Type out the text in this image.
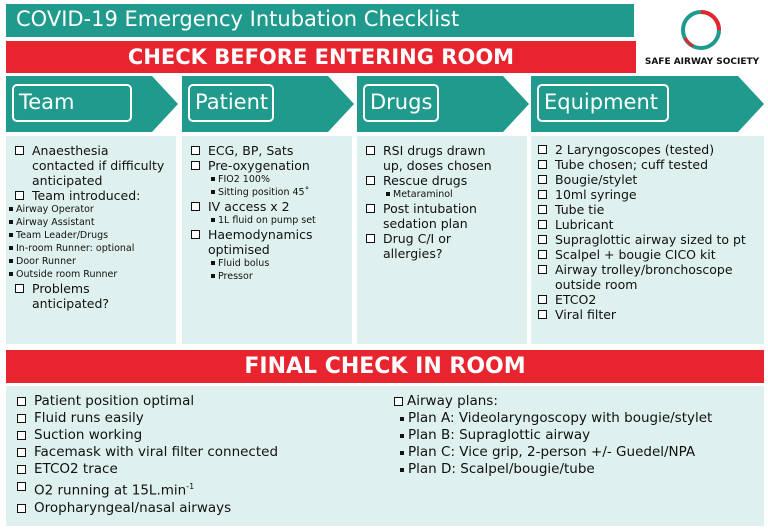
COVID-19 Emergency Intubation Checklist
SAFE AIRWAY SOCIETY
CHECK BEFORE ENTERING ROOM
Team	Patient	Drugs	Equipment
Anaesthesia
contacted if difficulty
anticipated
Team introduced:
Airway Operator
Airway Assistant
Team Leader/Drugs
In-room Runner: optional
Door Runner
Outside room Runner
Problems
anticipated?
ECG, BP, Sats
Pre-oxygenation
FIO2 100%
Sitting position 45˚
IV access x 2
1L fluid on pump set
Haemodynamics
optimised
Fluid bolus
Pressor
RSI drugs drawn
up, doses chosen
Rescue drugs
Metaraminol
Post intubation
sedation plan
Drug C/I or
allergies?
2 Laryngoscopes (tested)
Tube chosen; cuff tested
Bougie/stylet
10ml syringe
Tube tie
Lubricant
Supraglottic airway sized to pt
Scalpel + bougie CICO kit
Airway trolley/bronchoscope
outside room
ETCO2
Viral filter
FINAL CHECK IN ROOM
Patient position optimal
Fluid runs easily
Suction working
Facemask with viral filter connected
ETCO2 trace
O2 running at $15L.\min^{-1}$
Oropharyngeal/nasal airways
Airway plans:
Plan A: Videolaryngoscopy with bougie/stylet
Plan B: Supraglottic airway
Plan C: Vice grip, 2-person +/- Guedel/NPA
Plan D: Scalpel/bougie/tube
